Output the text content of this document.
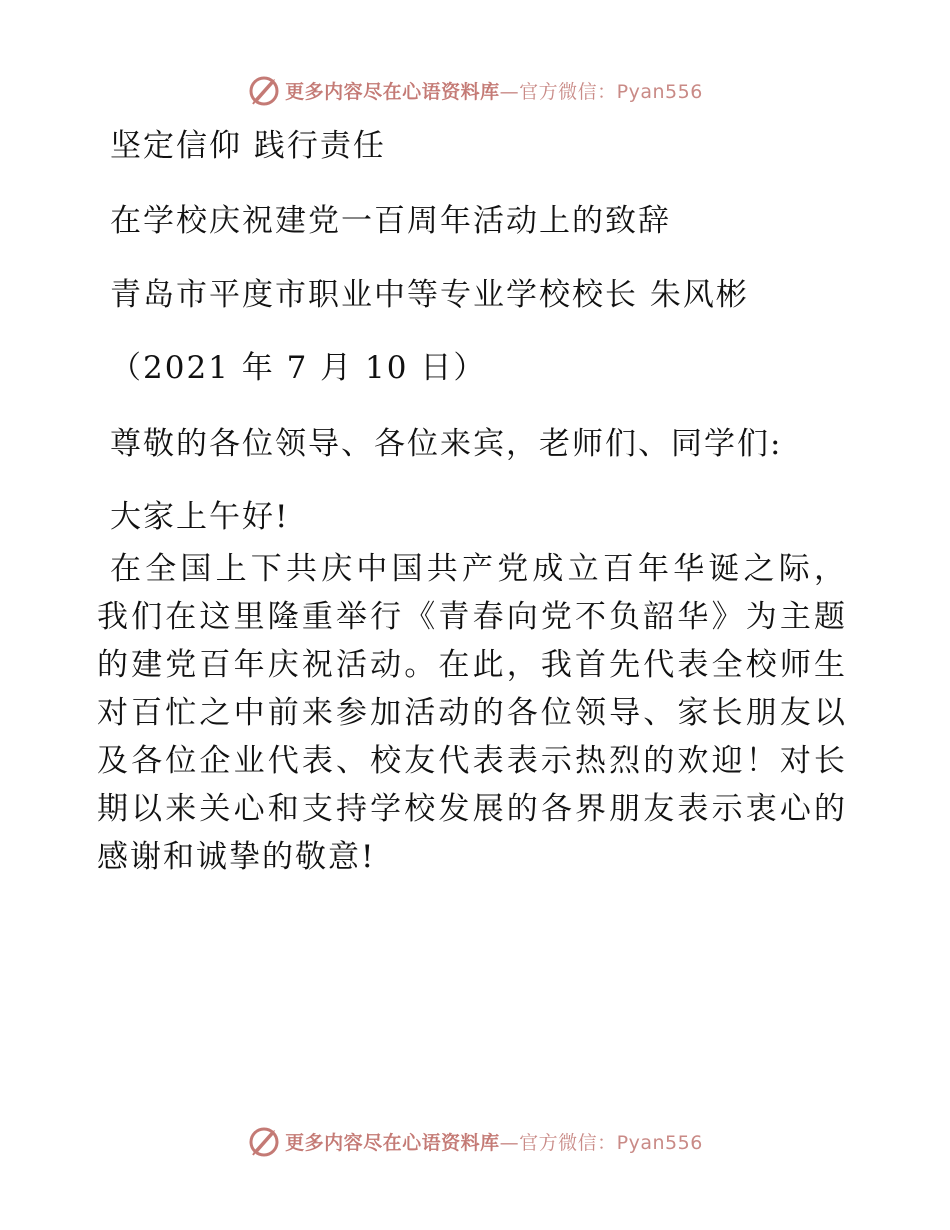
更多内容尽在心语资料库—官方微信：Pyan556
坚定信仰 践行责任
在学校庆祝建党一百周年活动上的致辞
青岛市平度市职业中等专业学校校长 朱风彬
（2021 年 7 月 10 日）
尊敬的各位领导、各位来宾，老师们、同学们:
大家上午好!
在全国上下共庆中国共产党成立百年华诞之际，
我们在这里隆重举行《青春向党不负韶华》为主题
的建党百年庆祝活动。在此，我首先代表全校师生
对百忙之中前来参加活动的各位领导、家长朋友以
及各位企业代表、校友代表表示热烈的欢迎！对长
期以来关心和支持学校发展的各界朋友表示衷心的
感谢和诚挚的敬意!
更多内容尽在心语资料库—官方微信：Pyan556
